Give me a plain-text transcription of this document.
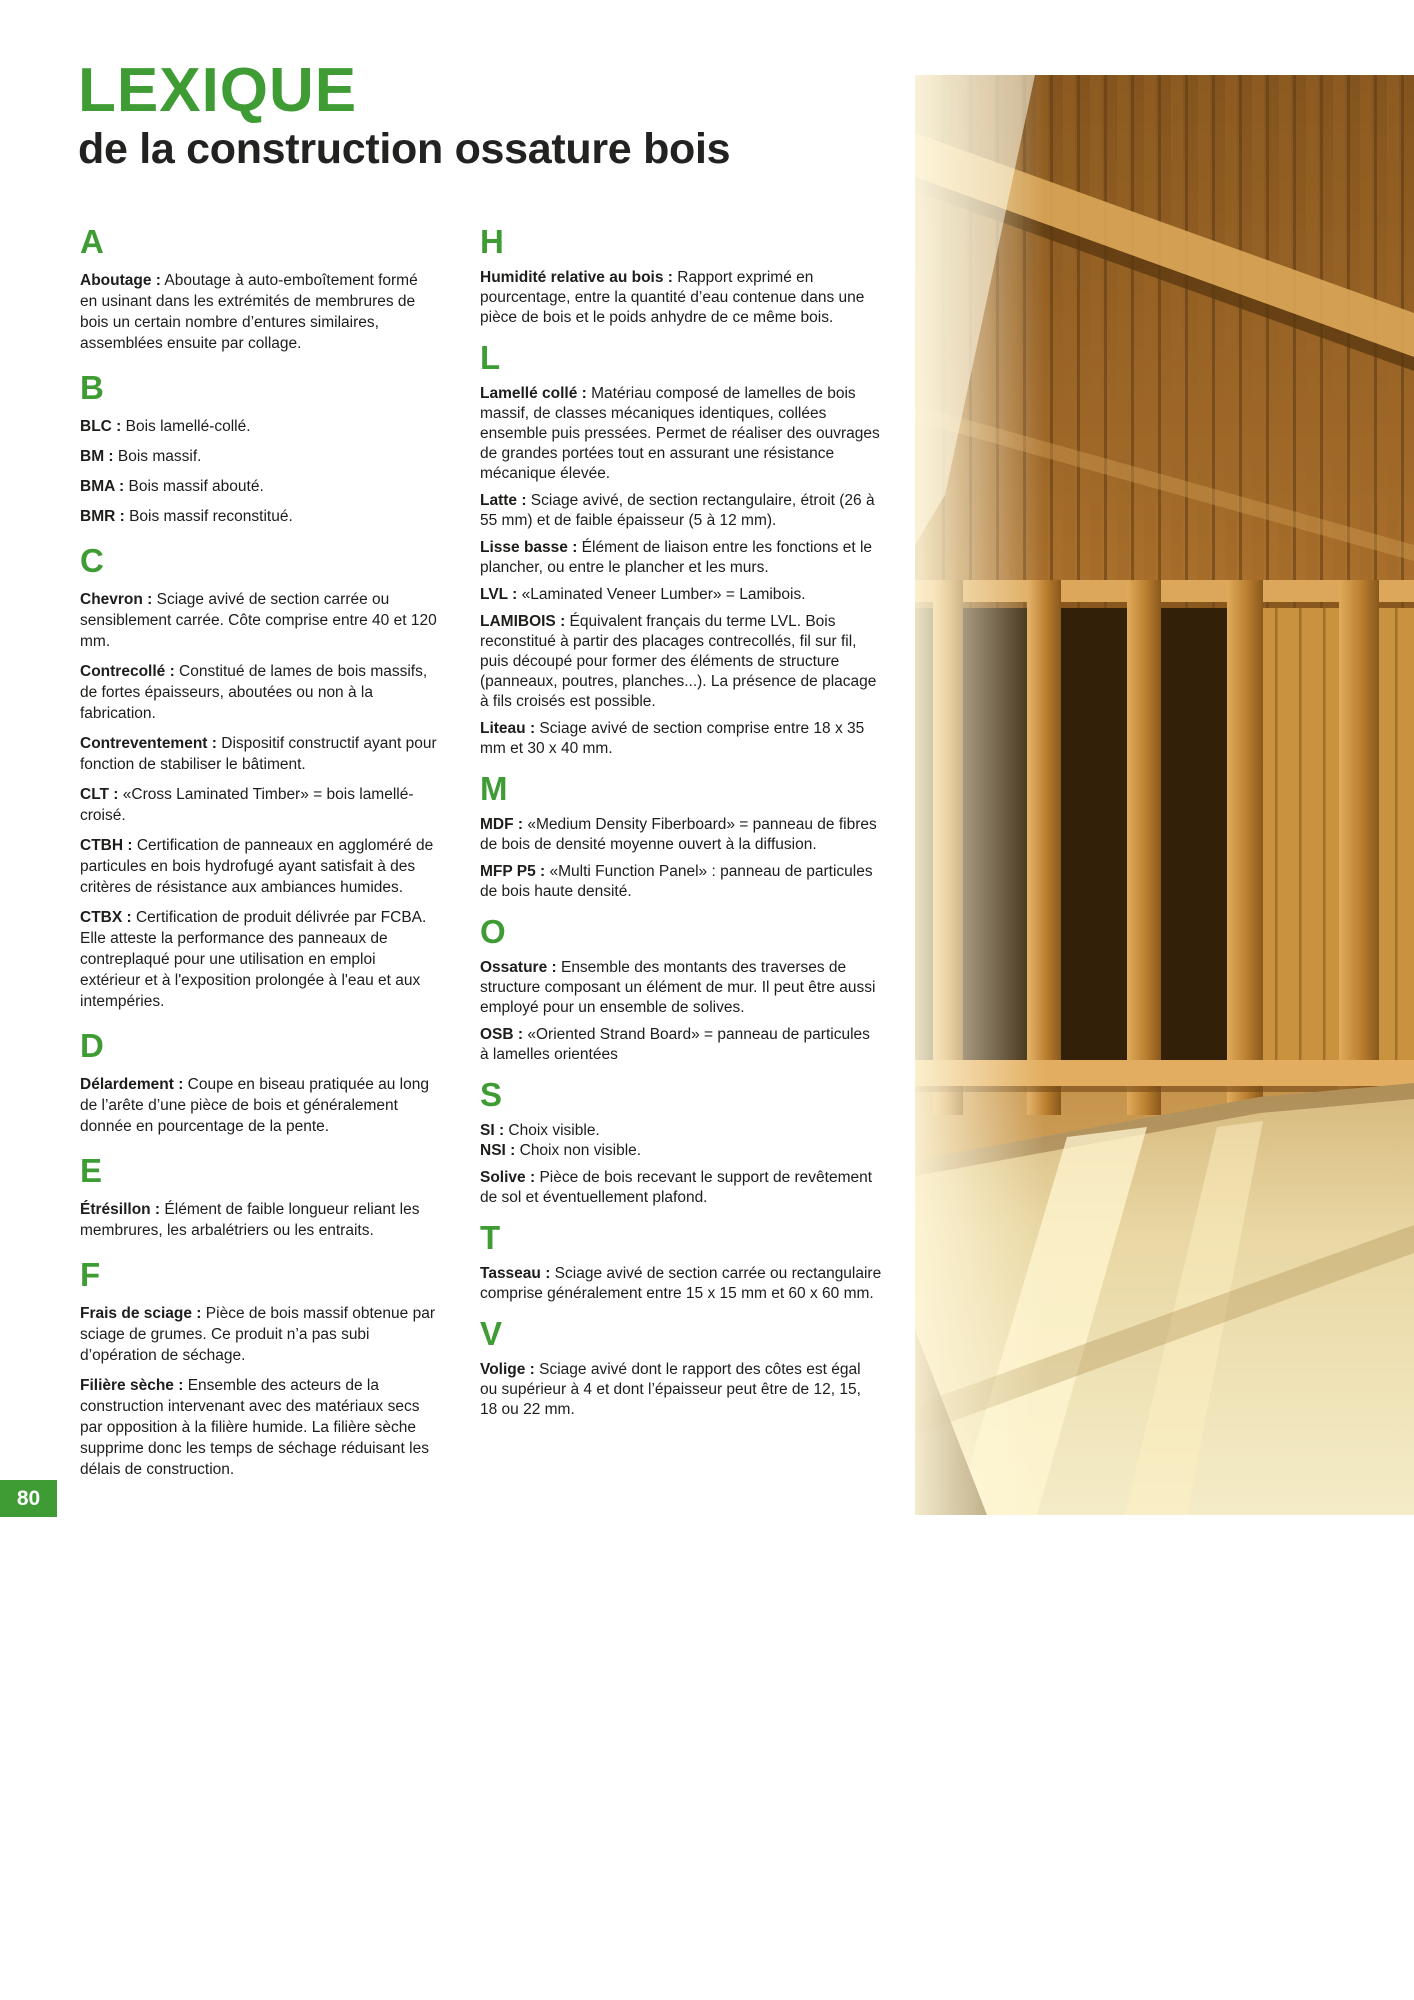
LEXIQUE
de la construction ossature bois
A

Aboutage : Aboutage à auto-emboîtement formé en usinant dans les extrémités de membrures de bois un certain nombre d’entures similaires, assemblées ensuite par collage.

B

BLC : Bois lamellé-collé.

BM : Bois massif.

BMA : Bois massif abouté.

BMR : Bois massif reconstitué.

C

Chevron : Sciage avivé de section carrée ou sensiblement carrée. Côte comprise entre 40 et 120 mm.

Contrecollé : Constitué de lames de bois massifs, de fortes épaisseurs, aboutées ou non à la fabrication.

Contreventement : Dispositif constructif ayant pour fonction de stabiliser le bâtiment.

CLT : «Cross Laminated Timber» = bois lamellé-croisé.

CTBH : Certification de panneaux en aggloméré de particules en bois hydrofugé ayant satisfait à des critères de résistance aux ambiances humides.

CTBX : Certification de produit délivrée par FCBA. Elle atteste la performance des panneaux de contreplaqué pour une utilisation en emploi extérieur et à l'exposition prolongée à l'eau et aux intempéries.

D

Délardement : Coupe en biseau pratiquée au long de l’arête d’une pièce de bois et généralement donnée en pourcentage de la pente.

E

Étrésillon : Élément de faible longueur reliant les membrures, les arbalétriers ou les entraits.

F

Frais de sciage : Pièce de bois massif obtenue par sciage de grumes. Ce produit n’a pas subi d’opération de séchage.

Filière sèche : Ensemble des acteurs de la construction intervenant avec des matériaux secs par opposition à la filière humide. La filière sèche supprime donc les temps de séchage réduisant les délais de construction.

H

Humidité relative au bois : Rapport exprimé en pourcentage, entre la quantité d’eau contenue dans une pièce de bois et le poids anhydre de ce même bois.

L

Lamellé collé : Matériau composé de lamelles de bois massif, de classes mécaniques identiques, collées ensemble puis pressées. Permet de réaliser des ouvrages de grandes portées tout en assurant une résistance mécanique élevée.

Latte : Sciage avivé, de section rectangulaire, étroit (26 à 55 mm) et de faible épaisseur (5 à 12 mm).

Lisse basse : Élément de liaison entre les fonctions et le plancher, ou entre le plancher et les murs.

LVL : «Laminated Veneer Lumber» = Lamibois.

LAMIBOIS : Équivalent français du terme LVL. Bois reconstitué à partir des placages contrecollés, fil sur fil, puis découpé pour former des éléments de structure (panneaux, poutres, planches...). La présence de placage à fils croisés est possible.

Liteau : Sciage avivé de section comprise entre 18 x 35 mm et 30 x 40 mm.

M

MDF : «Medium Density Fiberboard» = panneau de fibres de bois de densité moyenne ouvert à la diffusion.

MFP P5 : «Multi Function Panel» : panneau de particules de bois haute densité.

O

Ossature : Ensemble des montants des traverses de structure composant un élément de mur. Il peut être aussi employé pour un ensemble de solives.

OSB : «Oriented Strand Board» = panneau de particules à lamelles orientées

S

SI : Choix visible.

NSI : Choix non visible.

Solive : Pièce de bois recevant le support de revêtement de sol et éventuellement plafond.

T

Tasseau : Sciage avivé de section carrée ou rectangulaire comprise généralement entre 15 x 15 mm et 60 x 60 mm.

V

Volige : Sciage avivé dont le rapport des côtes est égal ou supérieur à 4 et dont l’épaisseur peut être de 12, 15, 18 ou 22 mm.

80
